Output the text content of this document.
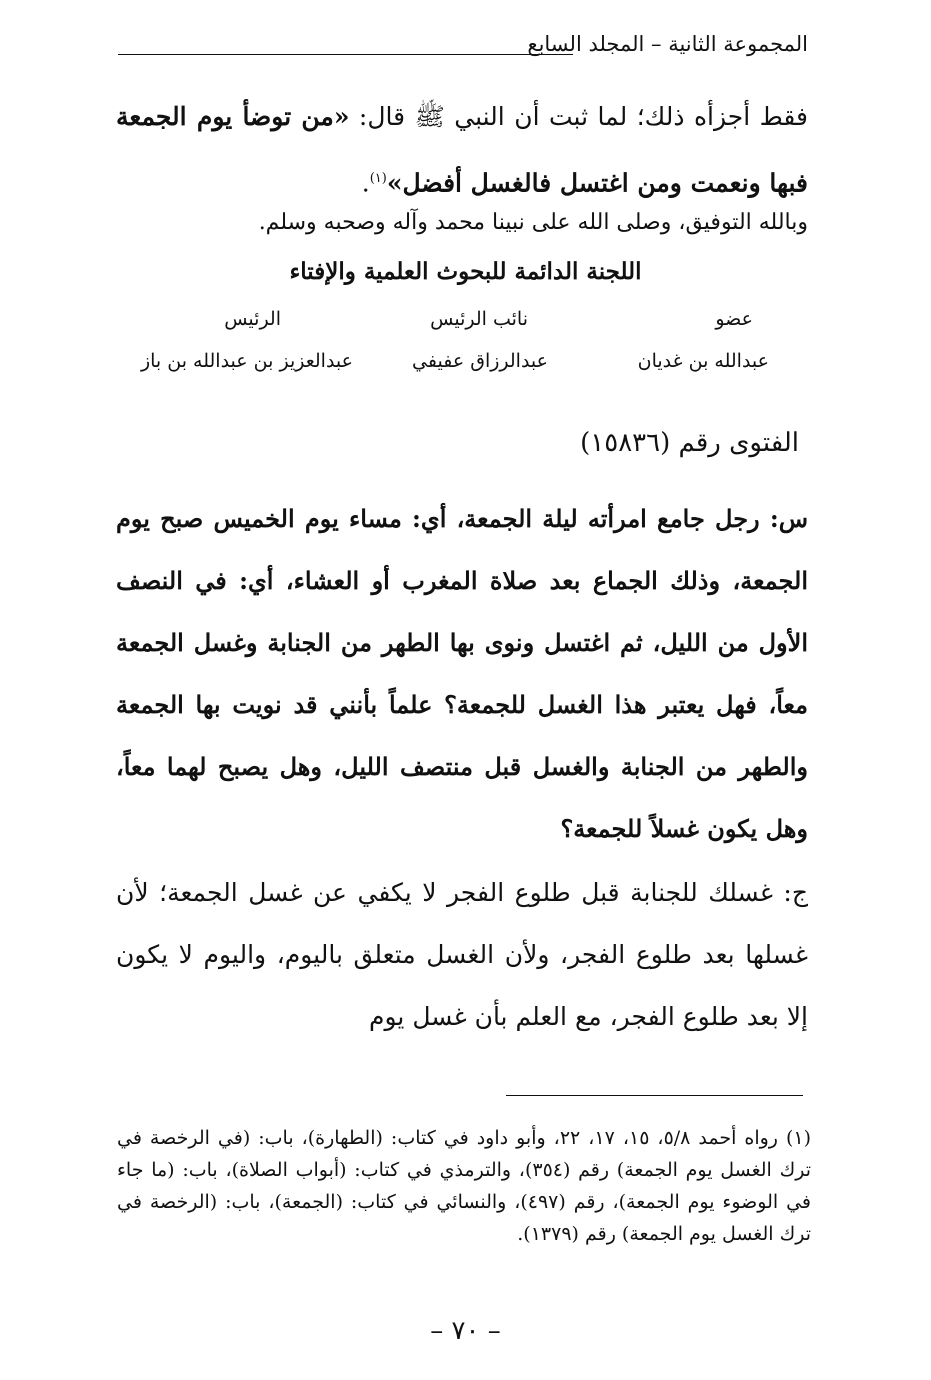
المجموعة الثانية – المجلد السابع
فقط أجزأه ذلك؛ لما ثبت أن النبي ﷺ قال: «من توضأ يوم الجمعة فبها ونعمت ومن اغتسل فالغسل أفضل»$^{(١)}$.
وبالله التوفيق، وصلى الله على نبينا محمد وآله وصحبه وسلم.
اللجنة الدائمة للبحوث العلمية والإفتاء
عضو
عبدالله بن غديان
نائب الرئيس
عبدالرزاق عفيفي
الرئيس
عبدالعزيز بن عبدالله بن باز
الفتوى رقم (١٥٨٣٦)
س: رجل جامع امرأته ليلة الجمعة، أي: مساء يوم الخميس صبح يوم الجمعة، وذلك الجماع بعد صلاة المغرب أو العشاء، أي: في النصف الأول من الليل، ثم اغتسل ونوى بها الطهر من الجنابة وغسل الجمعة معاً، فهل يعتبر هذا الغسل للجمعة؟ علماً بأنني قد نويت بها الجمعة والطهر من الجنابة والغسل قبل منتصف الليل، وهل يصبح لهما معاً، وهل يكون غسلاً للجمعة؟
ج: غسلك للجنابة قبل طلوع الفجر لا يكفي عن غسل الجمعة؛ لأن غسلها بعد طلوع الفجر، ولأن الغسل متعلق باليوم، واليوم لا يكون إلا بعد طلوع الفجر، مع العلم بأن غسل يوم
(١) رواه أحمد ٥/٨، ١٥، ١٧، ٢٢، وأبو داود في كتاب: (الطهارة)، باب: (في الرخصة في ترك الغسل يوم الجمعة) رقم (٣٥٤)، والترمذي في كتاب: (أبواب الصلاة)، باب: (ما جاء في الوضوء يوم الجمعة)، رقم (٤٩٧)، والنسائي في كتاب: (الجمعة)، باب: (الرخصة في ترك الغسل يوم الجمعة) رقم (١٣٧٩).
– ٧٠ –
